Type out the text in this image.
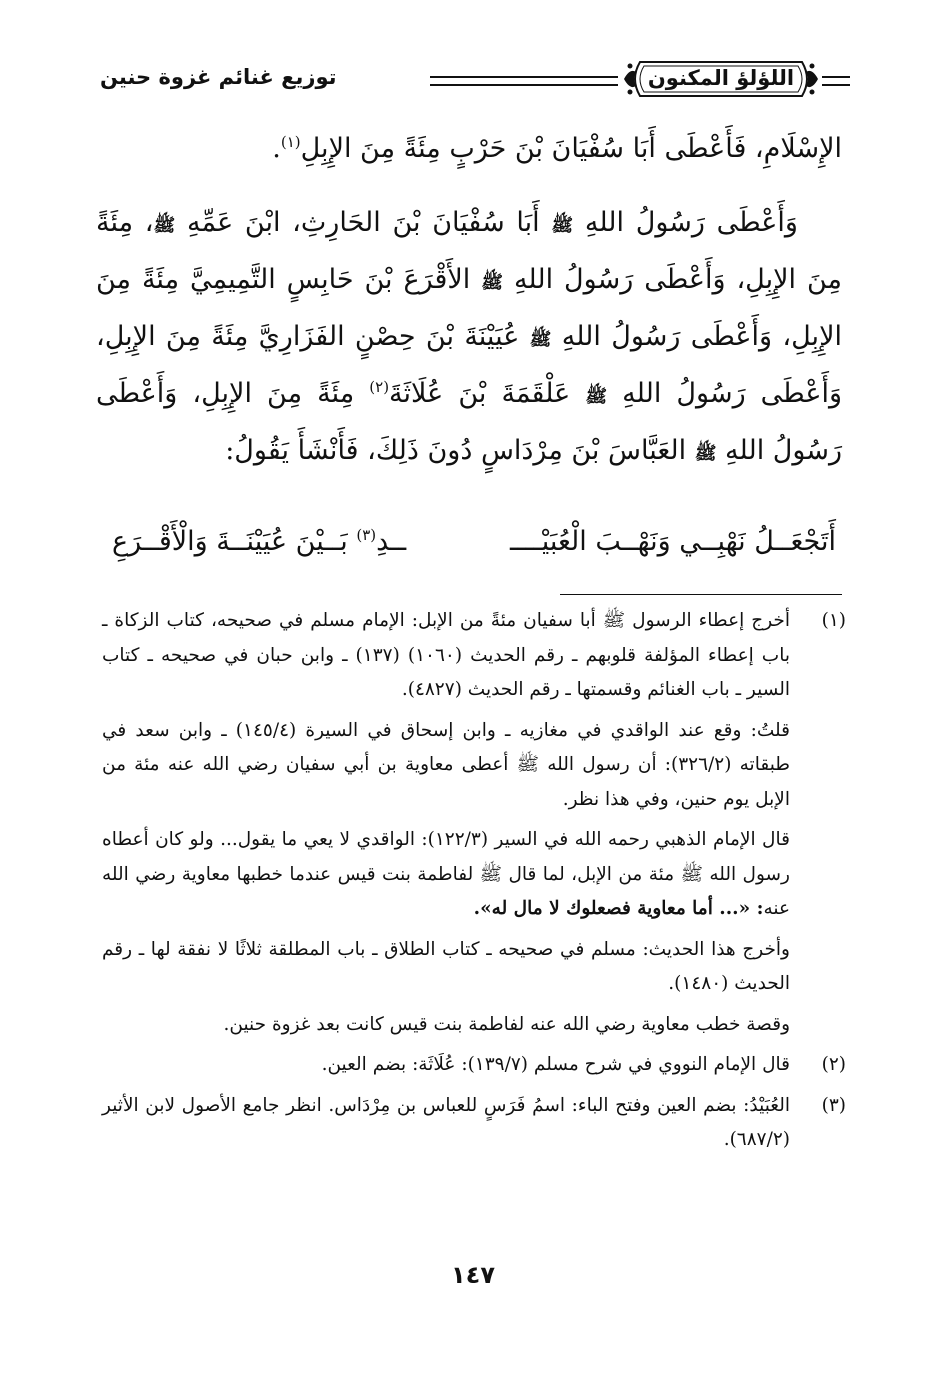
اللؤلؤ المكنون
توزيع غنائم غزوة حنين

الإِسْلَامِ، فَأَعْطَى أَبَا سُفْيَانَ بْنَ حَرْبٍ مِئَةً مِنَ الإِبِلِ$^{(١)}$.

وَأَعْطَى رَسُولُ اللهِ ﷺ أَبَا سُفْيَانَ بْنَ الحَارِثِ، ابْنَ عَمِّهِ ﷺ، مِئَةً مِنَ الإِبِلِ، وَأَعْطَى رَسُولُ اللهِ ﷺ الأَقْرَعَ بْنَ حَابِسٍ التَّمِيمِيَّ مِئَةً مِنَ الإِبِلِ، وَأَعْطَى رَسُولُ اللهِ ﷺ عُيَيْنَةَ بْنَ حِصْنٍ الفَزَارِيَّ مِئَةً مِنَ الإِبِلِ، وَأَعْطَى رَسُولُ اللهِ ﷺ عَلْقَمَةَ بْنَ عُلَاثَةَ$^{(٢)}$ مِئَةً مِنَ الإِبِلِ، وَأَعْطَى رَسُولُ اللهِ ﷺ العَبَّاسَ بْنَ مِرْدَاسٍ دُونَ ذَلِكَ، فَأَنْشَأَ يَقُولُ:

أَتَجْعَــلُ نَهْبِــي وَنَهْــبَ الْعُبَيْــــ
ــدِ$^{(٣)}$ بَــيْنَ عُيَيْنَــةَ وَالْأَقْــرَعِ
(١)

أخرج إعطاء الرسول ﷺ أبا سفيان مئةً من الإبل: الإمام مسلم في صحيحه، كتاب الزكاة ـ باب إعطاء المؤلفة قلوبهم ـ رقم الحديث (١٠٦٠) (١٣٧) ـ وابن حبان في صحيحه ـ كتاب السير ـ باب الغنائم وقسمتها ـ رقم الحديث (٤٨٢٧).

قلتُ: وقع عند الواقدي في مغازيه ـ وابن إسحاق في السيرة (١٤٥/٤) ـ وابن سعد في طبقاته (٣٢٦/٢): أن رسول الله ﷺ أعطى معاوية بن أبي سفيان رضي الله عنه مئة من الإبل يوم حنين، وفي هذا نظر.

قال الإمام الذهبي رحمه الله في السير (١٢٢/٣): الواقدي لا يعي ما يقول... ولو كان أعطاه رسول الله ﷺ مئة من الإبل، لما قال ﷺ لفاطمة بنت قيس عندما خطبها معاوية رضي الله عنه: «... أما معاوية فصعلوك لا مال له».

وأخرج هذا الحديث: مسلم في صحيحه ـ كتاب الطلاق ـ باب المطلقة ثلاثًا لا نفقة لها ـ رقم الحديث (١٤٨٠).

وقصة خطب معاوية رضي الله عنه لفاطمة بنت قيس كانت بعد غزوة حنين.

(٢)

قال الإمام النووي في شرح مسلم (١٣٩/٧): عُلَاثَة: بضم العين.

(٣)

العُبَيْدُ: بضم العين وفتح الباء: اسمُ فَرَسٍ للعباس بن مِرْدَاس. انظر جامع الأصول لابن الأثير (٦٨٧/٢).

١٤٧
